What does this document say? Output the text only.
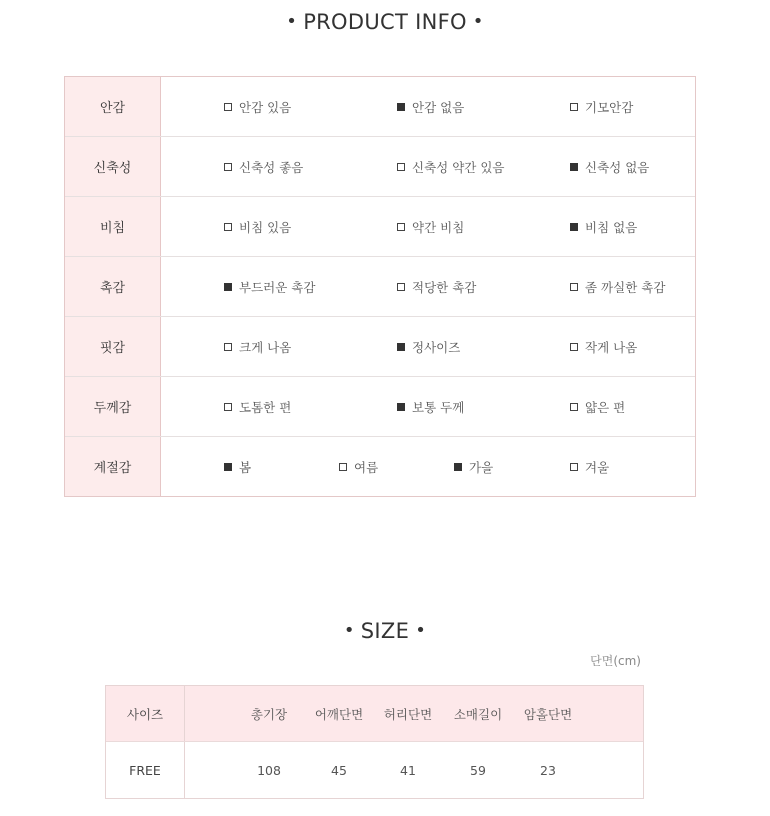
• PRODUCT INFO •
안감	안감 있음	안감 없음	기모안감
신축성	신축성 좋음	신축성 약간 있음	신축성 없음
비침	비침 있음	약간 비침	비침 없음
촉감	부드러운 촉감	적당한 촉감	좀 까실한 촉감
핏감	크게 나옴	정사이즈	작게 나옴
두께감	도톰한 편	보통 두께	얇은 편
계절감	봄	여름	가을	겨울
• SIZE •
단면(cm)
사이즈	총기장	어깨단면	허리단면	소매길이	암홀단면
FREE	108	45	41	59	23
